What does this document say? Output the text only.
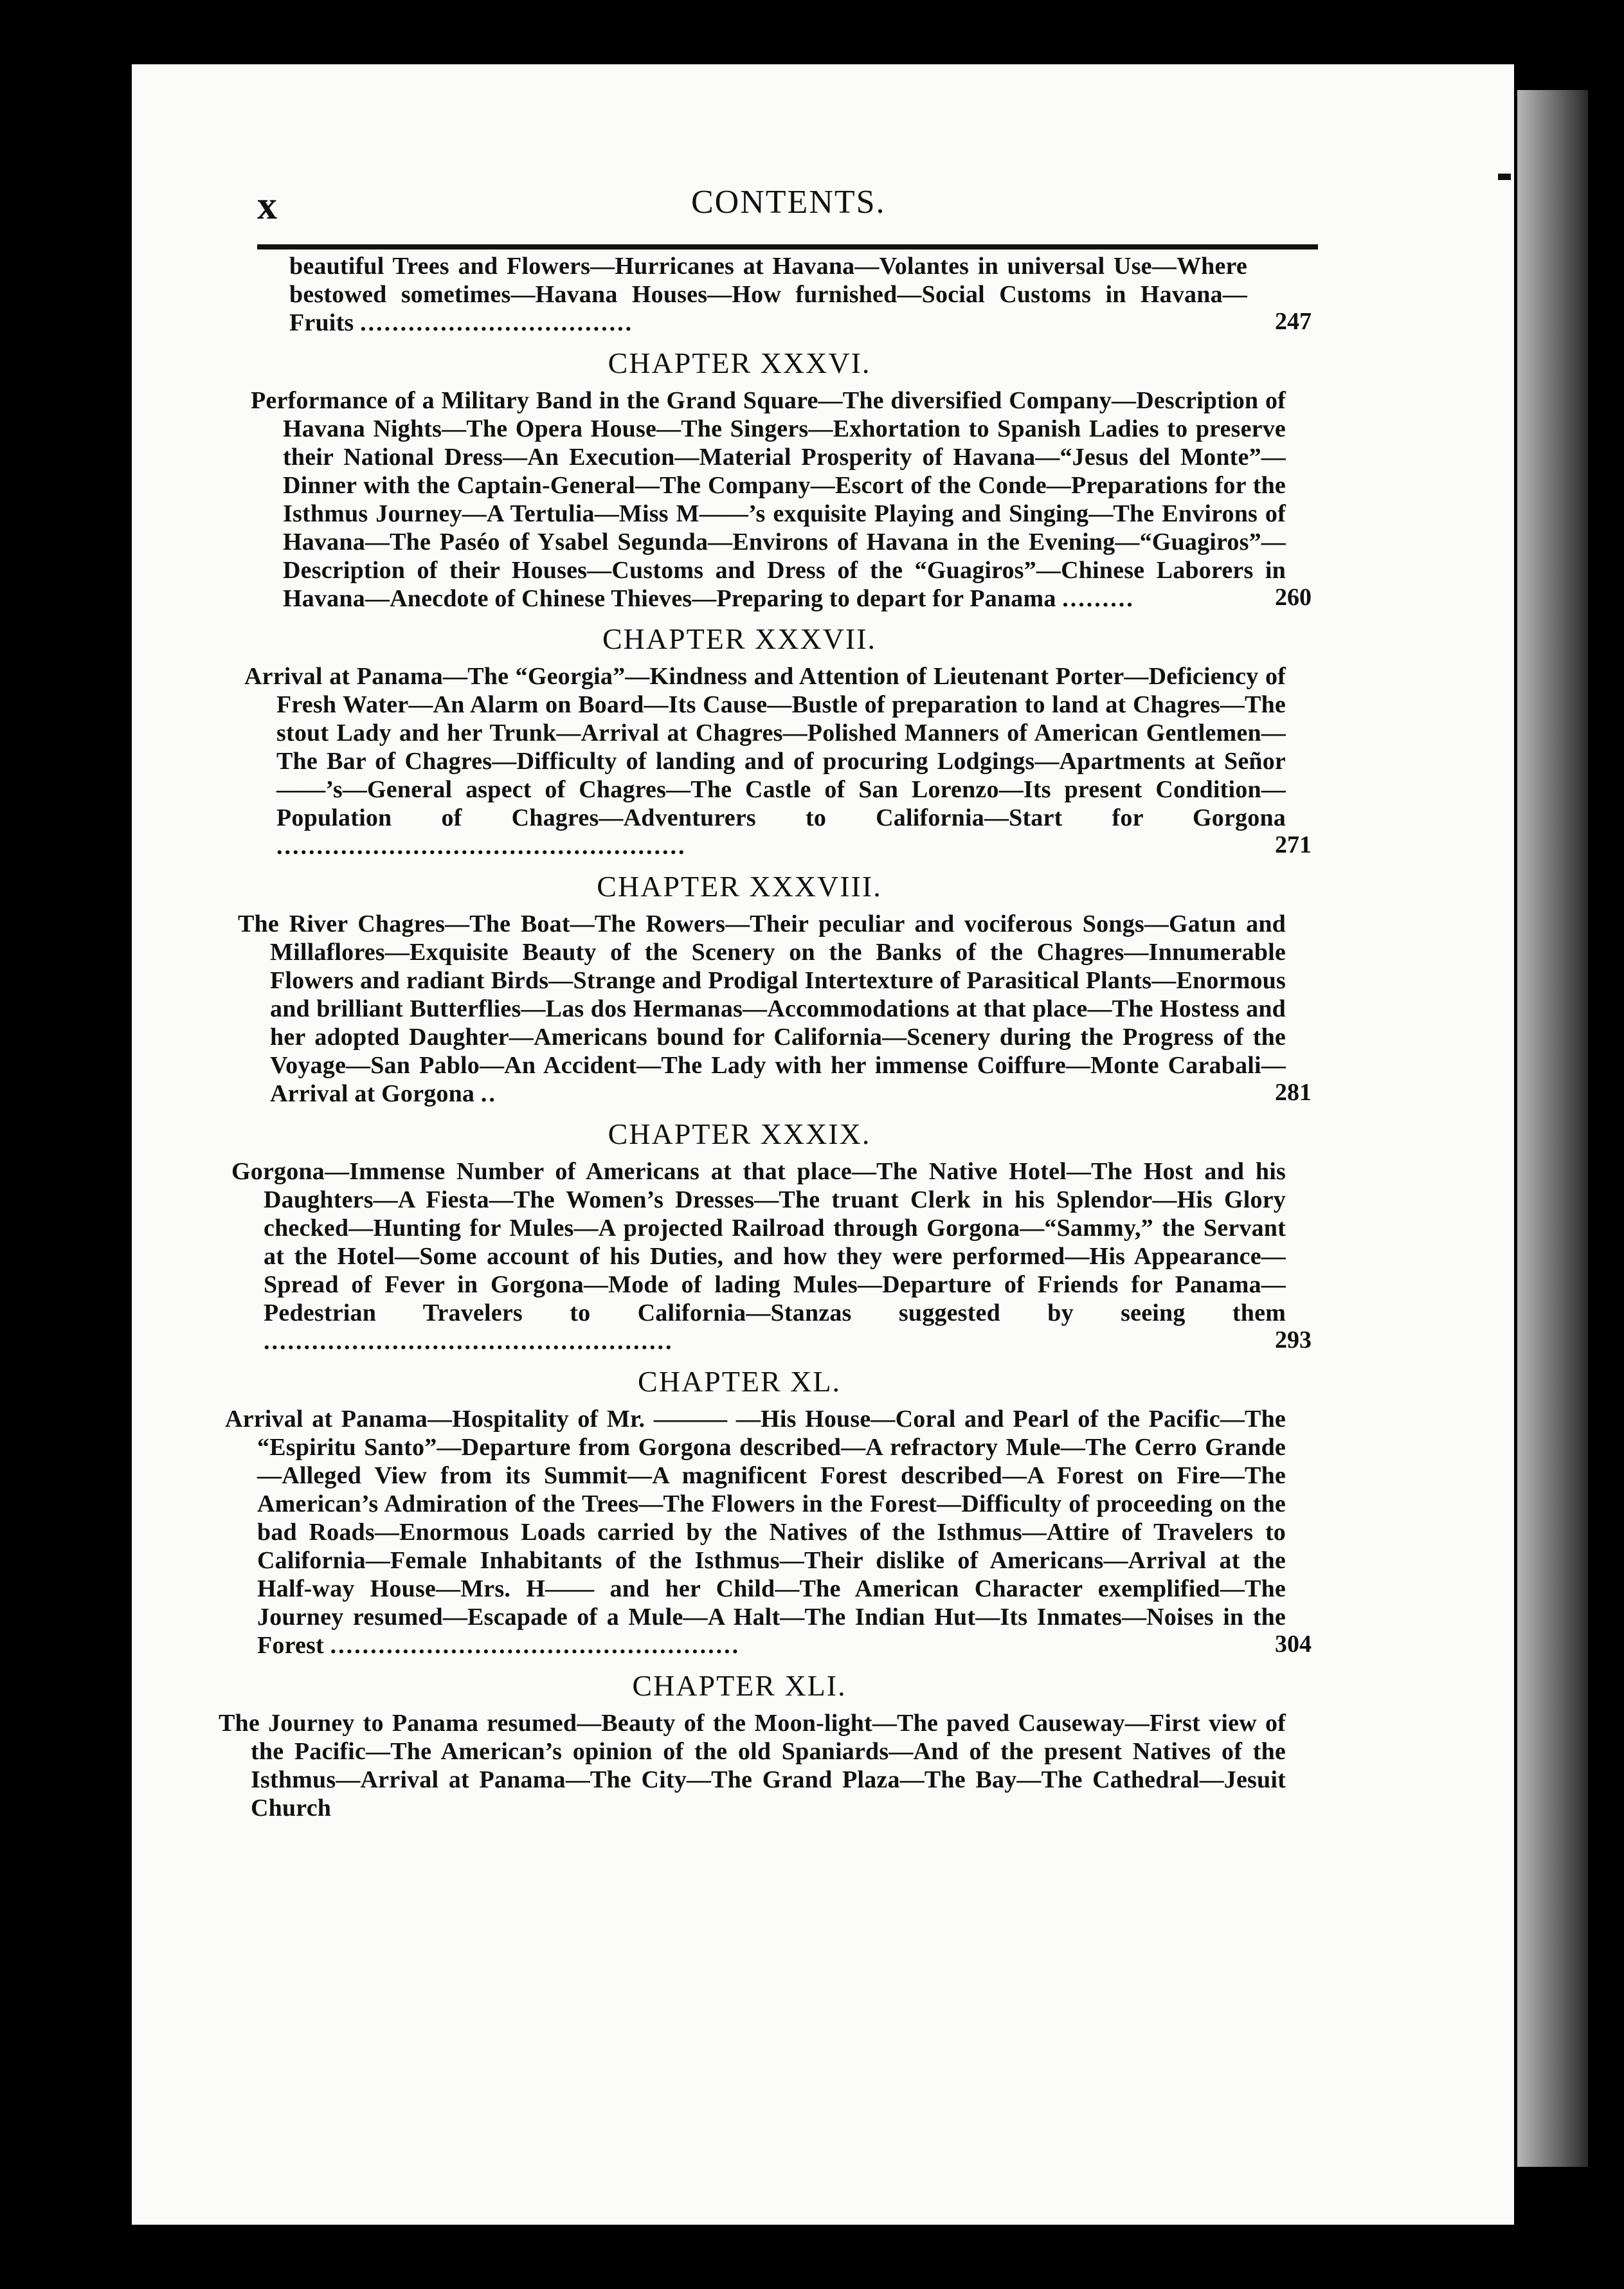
x	CONTENTS.
beautiful Trees and Flowers—Hurricanes at Havana—Volantes in universal Use—Where bestowed sometimes—Havana Houses—How furnished—Social Customs in Havana—Fruits ..................................	247
CHAPTER XXXVI.
Performance of a Military Band in the Grand Square—The diversified Company—Description of Havana Nights—The Opera House—The Singers—Exhortation to Spanish Ladies to preserve their National Dress—An Execution—Material Prosperity of Havana—“Jesus del Monte”—Dinner with the Captain-General—The Company—Escort of the Conde—Preparations for the Isthmus Journey—A Tertulia—Miss M——’s exquisite Playing and Singing—The Environs of Havana—The Paséo of Ysabel Segunda—Environs of Havana in the Evening—“Guagiros”—Description of their Houses—Customs and Dress of the “Guagiros”—Chinese Laborers in Havana—Anecdote of Chinese Thieves—Preparing to depart for Panama .........	260
CHAPTER XXXVII.
Arrival at Panama—The “Georgia”—Kindness and Attention of Lieutenant Porter—Deficiency of Fresh Water—An Alarm on Board—Its Cause—Bustle of preparation to land at Chagres—The stout Lady and her Trunk—Arrival at Chagres—Polished Manners of American Gentlemen—The Bar of Chagres—Difficulty of landing and of procuring Lodgings—Apartments at Señor ——’s—General aspect of Chagres—The Castle of San Lorenzo—Its present Condition—Population of Chagres—Adventurers to California—Start for Gorgona ...................................................	271
CHAPTER XXXVIII.
The River Chagres—The Boat—The Rowers—Their peculiar and vociferous Songs—Gatun and Millaflores—Exquisite Beauty of the Scenery on the Banks of the Chagres—Innumerable Flowers and radiant Birds—Strange and Prodigal Intertexture of Parasitical Plants—Enormous and brilliant Butterflies—Las dos Hermanas—Accommodations at that place—The Hostess and her adopted Daughter—Americans bound for California—Scenery during the Progress of the Voyage—San Pablo—An Accident—The Lady with her immense Coiffure—Monte Carabali—Arrival at Gorgona ..	281
CHAPTER XXXIX.
Gorgona—Immense Number of Americans at that place—The Native Hotel—The Host and his Daughters—A Fiesta—The Women’s Dresses—The truant Clerk in his Splendor—His Glory checked—Hunting for Mules—A projected Railroad through Gorgona—“Sammy,” the Servant at the Hotel—Some account of his Duties, and how they were performed—His Appearance—Spread of Fever in Gorgona—Mode of lading Mules—Departure of Friends for Panama—Pedestrian Travelers to California—Stanzas suggested by seeing them ...................................................	293
CHAPTER XL.
Arrival at Panama—Hospitality of Mr. ——— —His House—Coral and Pearl of the Pacific—The “Espiritu Santo”—Departure from Gorgona described—A refractory Mule—The Cerro Grande—Alleged View from its Summit—A magnificent Forest described—A Forest on Fire—The American’s Admiration of the Trees—The Flowers in the Forest—Difficulty of proceeding on the bad Roads—Enormous Loads carried by the Natives of the Isthmus—Attire of Travelers to California—Female Inhabitants of the Isthmus—Their dislike of Americans—Arrival at the Half-way House—Mrs. H—— and her Child—The American Character exemplified—The Journey resumed—Escapade of a Mule—A Halt—The Indian Hut—Its Inmates—Noises in the Forest ...................................................	304
CHAPTER XLI.
The Journey to Panama resumed—Beauty of the Moon-light—The paved Causeway—First view of the Pacific—The American’s opinion of the old Spaniards—And of the present Natives of the Isthmus—Arrival at Panama—The City—The Grand Plaza—The Bay—The Cathedral—Jesuit Church
